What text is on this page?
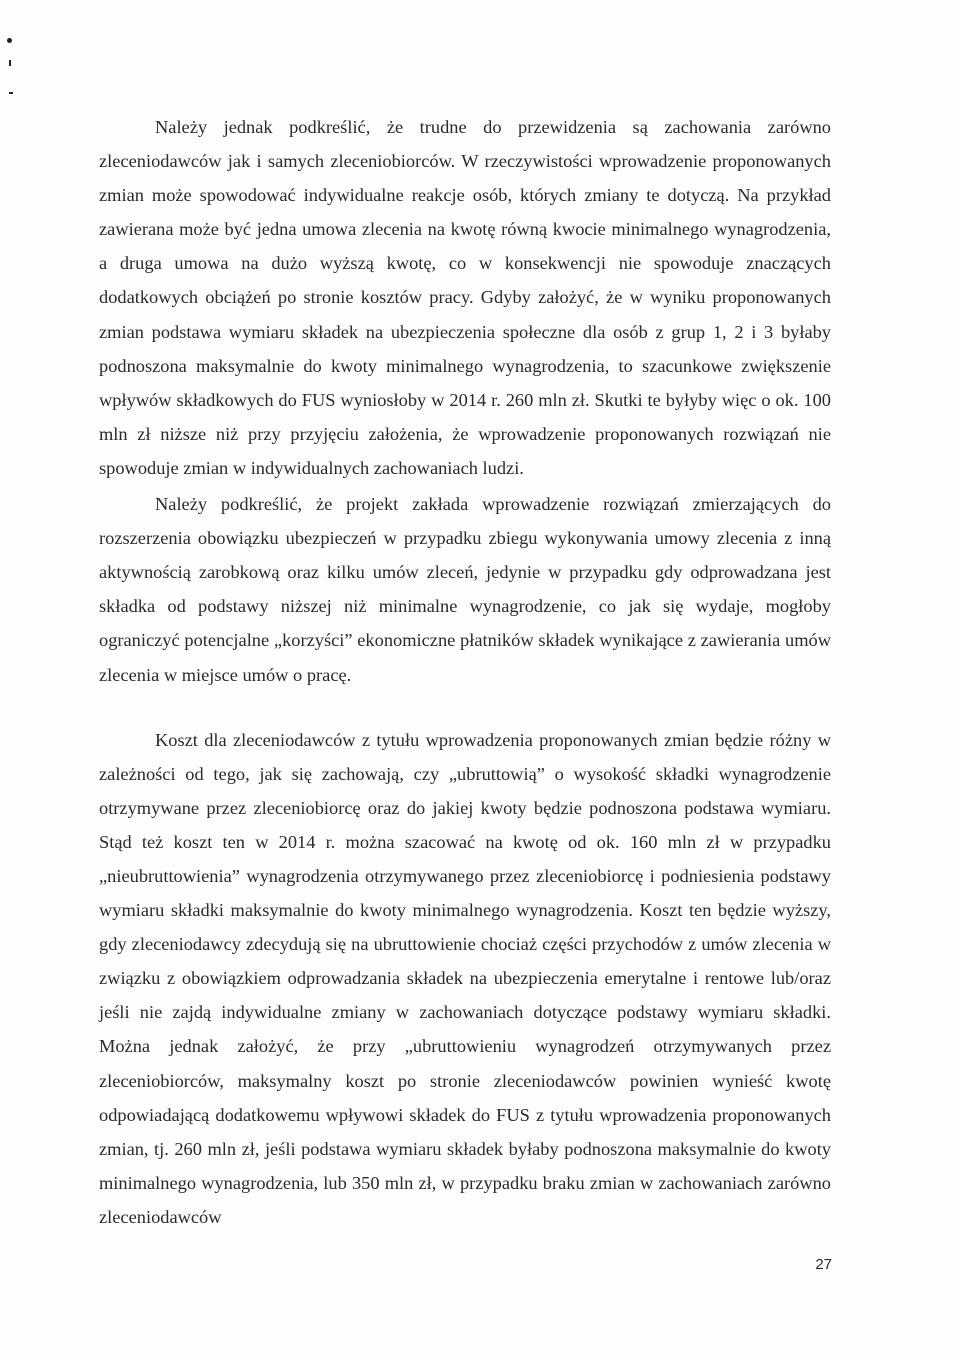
Należy jednak podkreślić, że trudne do przewidzenia są zachowania zarówno zleceniodawców jak i samych zleceniobiorców. W rzeczywistości wprowadzenie proponowanych zmian może spowodować indywidualne reakcje osób, których zmiany te dotyczą. Na przykład zawierana może być jedna umowa zlecenia na kwotę równą kwocie minimalnego wynagrodzenia, a druga umowa na dużo wyższą kwotę, co w konsekwencji nie spowoduje znaczących dodatkowych obciążeń po stronie kosztów pracy. Gdyby założyć, że w wyniku proponowanych zmian podstawa wymiaru składek na ubezpieczenia społeczne dla osób z grup 1, 2 i 3 byłaby podnoszona maksymalnie do kwoty minimalnego wynagrodzenia, to szacunkowe zwiększenie wpływów składkowych do FUS wyniosłoby w 2014 r. 260 mln zł. Skutki te byłyby więc o ok. 100 mln zł niższe niż przy przyjęciu założenia, że wprowadzenie proponowanych rozwiązań nie spowoduje zmian w indywidualnych zachowaniach ludzi.

Należy podkreślić, że projekt zakłada wprowadzenie rozwiązań zmierzających do rozszerzenia obowiązku ubezpieczeń w przypadku zbiegu wykonywania umowy zlecenia z inną aktywnością zarobkową oraz kilku umów zleceń, jedynie w przypadku gdy odprowadzana jest składka od podstawy niższej niż minimalne wynagrodzenie, co jak się wydaje, mogłoby ograniczyć potencjalne „korzyści” ekonomiczne płatników składek wynikające z zawierania umów zlecenia w miejsce umów o pracę.

Koszt dla zleceniodawców z tytułu wprowadzenia proponowanych zmian będzie różny w zależności od tego, jak się zachowają, czy „ubruttowią” o wysokość składki wynagrodzenie otrzymywane przez zleceniobiorcę oraz do jakiej kwoty będzie podnoszona podstawa wymiaru. Stąd też koszt ten w 2014 r. można szacować na kwotę od ok. 160 mln zł w przypadku „nieubruttowienia” wynagrodzenia otrzymywanego przez zleceniobiorcę i podniesienia podstawy wymiaru składki maksymalnie do kwoty minimalnego wynagrodzenia. Koszt ten będzie wyższy, gdy zleceniodawcy zdecydują się na ubruttowienie chociaż części przychodów z umów zlecenia w związku z obowiązkiem odprowadzania składek na ubezpieczenia emerytalne i rentowe lub/oraz jeśli nie zajdą indywidualne zmiany w zachowaniach dotyczące podstawy wymiaru składki. Można jednak założyć, że przy „ubruttowieniu wynagrodzeń otrzymywanych przez zleceniobiorców, maksymalny koszt po stronie zleceniodawców powinien wynieść kwotę odpowiadającą dodatkowemu wpływowi składek do FUS z tytułu wprowadzenia proponowanych zmian, tj. 260 mln zł, jeśli podstawa wymiaru składek byłaby podnoszona maksymalnie do kwoty minimalnego wynagrodzenia, lub 350 mln zł, w przypadku braku zmian w zachowaniach zarówno zleceniodawców

27
